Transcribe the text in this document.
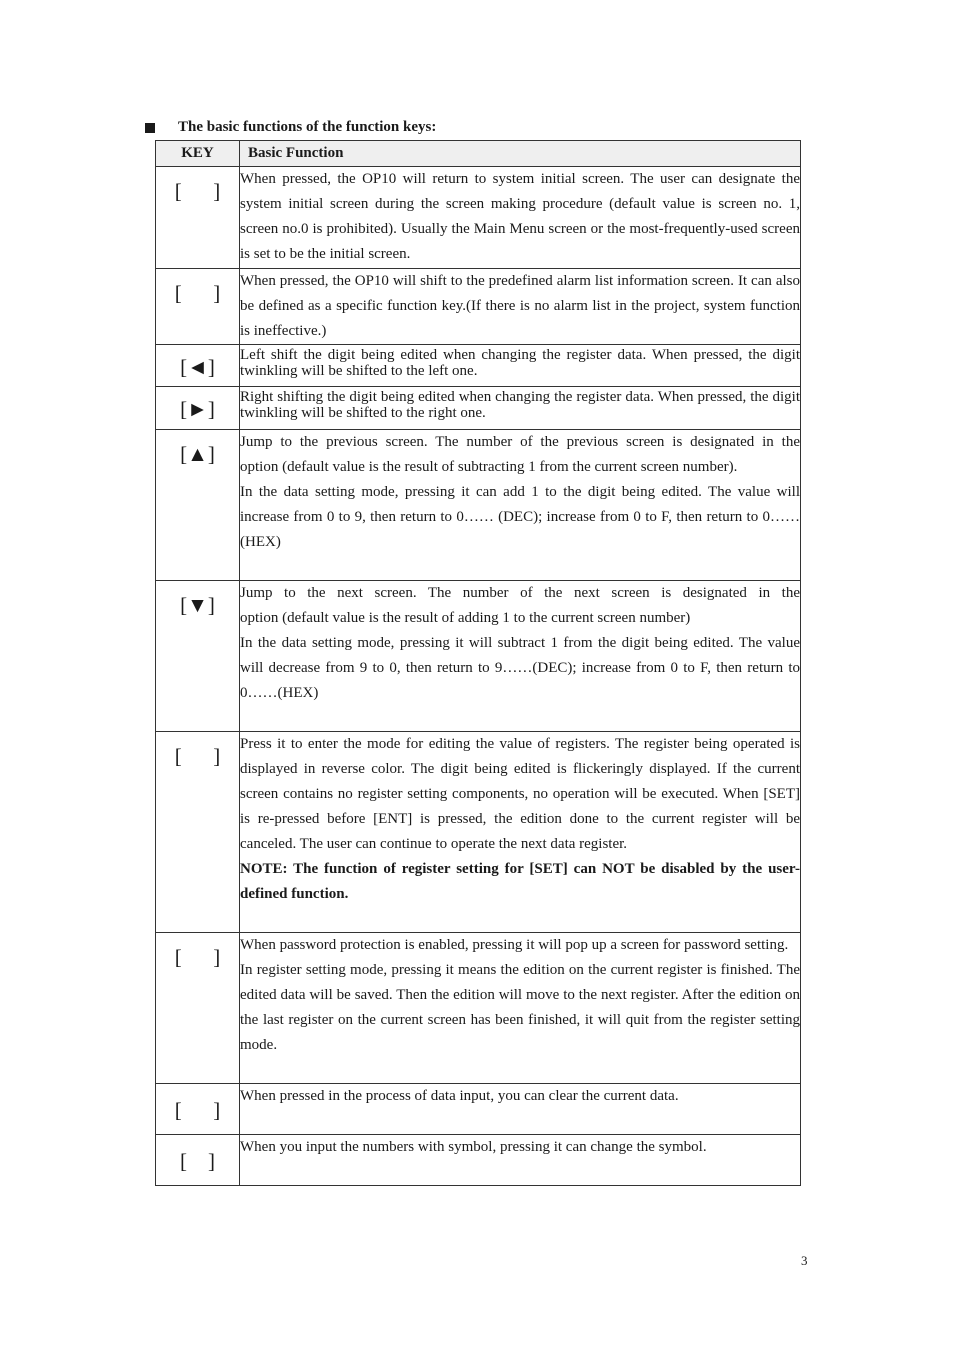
The basic functions of the function keys:
KEY	Basic Function
[      ]	When pressed, the OP10 will return to system initial screen. The user can designate the system initial screen during the screen making procedure (default value is screen no. 1, screen no.0 is prohibited). Usually the Main Menu screen or the most-frequently-used screen is set to be the initial screen.

[      ]	When pressed, the OP10 will shift to the predefined alarm list information screen. It can also be defined as a specific function key.(If there is no alarm list in the project, system function is ineffective.)

[◄]	Left shift the digit being edited when changing the register data. When pressed, the digit twinkling will be shifted to the left one.

[►]	Right shifting the digit being edited when changing the register data. When pressed, the digit twinkling will be shifted to the right one.

[▲]	Jump to the previous screen. The number of the previous screen is designated in the                       option (default value is the result of subtracting 1 from the current screen number).

In the data setting mode, pressing it can add 1 to the digit being edited. The value will increase from 0 to 9, then return to 0…… (DEC); increase from 0 to F, then return to 0……(HEX)

[▼]	Jump to the next screen. The number of the next screen is designated in the                       option (default value is the result of adding 1 to the current screen number)

In the data setting mode, pressing it will subtract 1 from the digit being edited. The value will decrease from 9 to 0, then return to 9……(DEC); increase from 0 to F, then return to 0……(HEX)

[      ]	Press it to enter the mode for editing the value of registers. The register being operated is displayed in reverse color. The digit being edited is flickeringly displayed. If the current screen contains no register setting components, no operation will be executed. When [SET] is re-pressed before [ENT] is pressed, the edition done to the current register will be canceled. The user can continue to operate the next data register.

NOTE: The function of register setting for [SET] can NOT be disabled by the user-defined function.

[      ]	When password protection is enabled, pressing it will pop up a screen for password setting.

In register setting mode, pressing it means the edition on the current register is finished. The edited data will be saved. Then the edition will move to the next register. After the edition on the last register on the current screen has been finished, it will quit from the register setting mode.

[      ]	When pressed in the process of data input, you can clear the current data.

[    ]	When you input the numbers with symbol, pressing it can change the symbol.

3
